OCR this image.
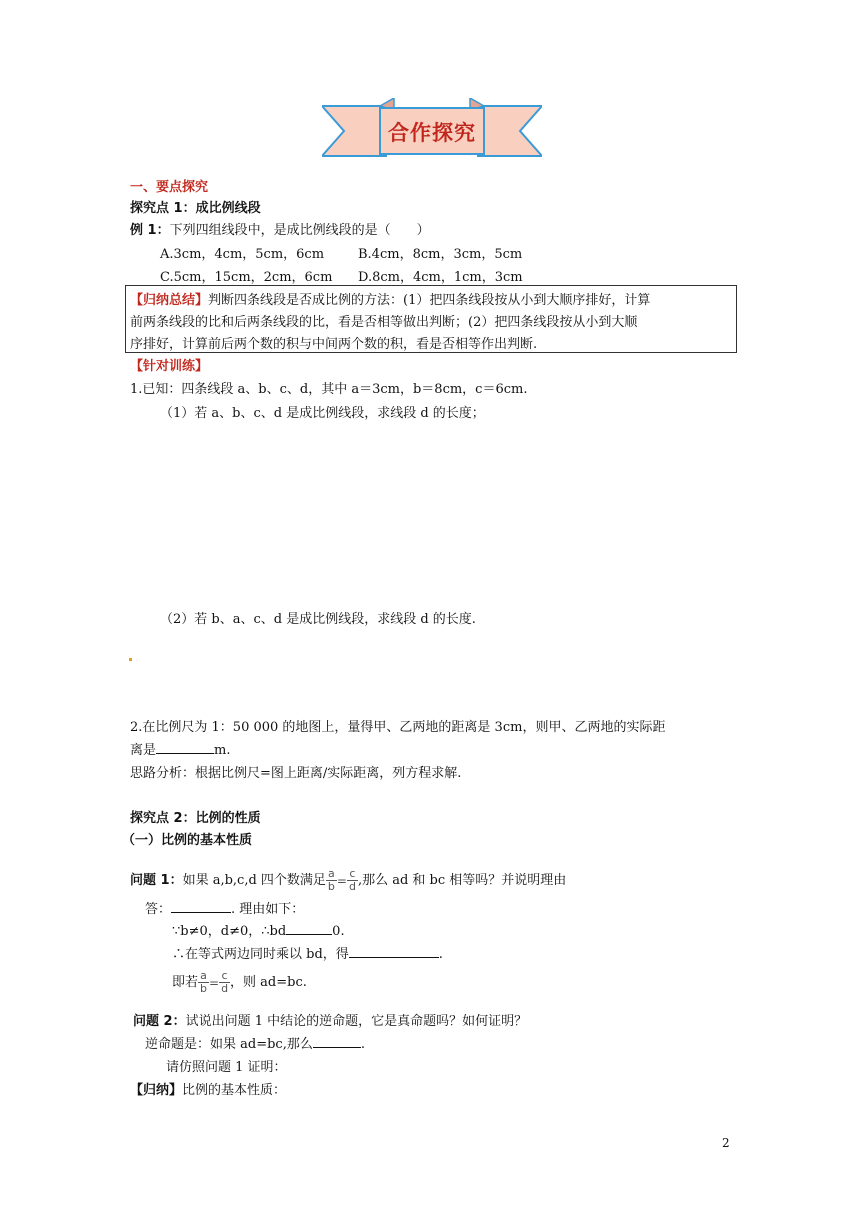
合作探究
一、要点探究
探究点 1：成比例线段
例 1：下列四组线段中，是成比例线段的是（　　）
A.3cm，4cm，5cm，6cm	B.4cm，8cm，3cm，5cm
C.5cm，15cm，2cm，6cm D.8cm，4cm，1cm，3cm
【归纳总结】判断四条线段是否成比例的方法：(1）把四条线段按从小到大顺序排好，计算
前两条线段的比和后两条线段的比，看是否相等做出判断；(2）把四条线段按从小到大顺
序排好，计算前后两个数的积与中间两个数的积，看是否相等作出判断.
【针对训练】
1.已知：四条线段 a、b、c、d，其中 a＝3cm，b＝8cm，c＝6cm.
（1）若 a、b、c、d 是成比例线段，求线段 d 的长度；
（2）若 b、a、c、d 是成比例线段，求线段 d 的长度.
2.在比例尺为 1：50 000 的地图上，量得甲、乙两地的距离是 3cm，则甲、乙两地的实际距
离是	m.
思路分析：根据比例尺=图上距离/实际距离，列方程求解.
探究点 2：比例的性质
（一）比例的基本性质
问题 1：如果 a,b,c,d 四个数满足 $\frac{a}{b} = \frac{c}{d}$ ,那么 ad 和 bc 相等吗？并说明理由
答：	. 理由如下：
∵b≠0，d≠0，∴bd	0.
∴在等式两边同时乘以 bd，得	.
即若 $\frac{a}{b} = \frac{c}{d}$ ，则 ad=bc.
问题 2：试说出问题 1 中结论的逆命题，它是真命题吗？如何证明？
逆命题是：如果 ad=bc,那么	.
请仿照问题 1 证明：
【归纳】比例的基本性质：
2
